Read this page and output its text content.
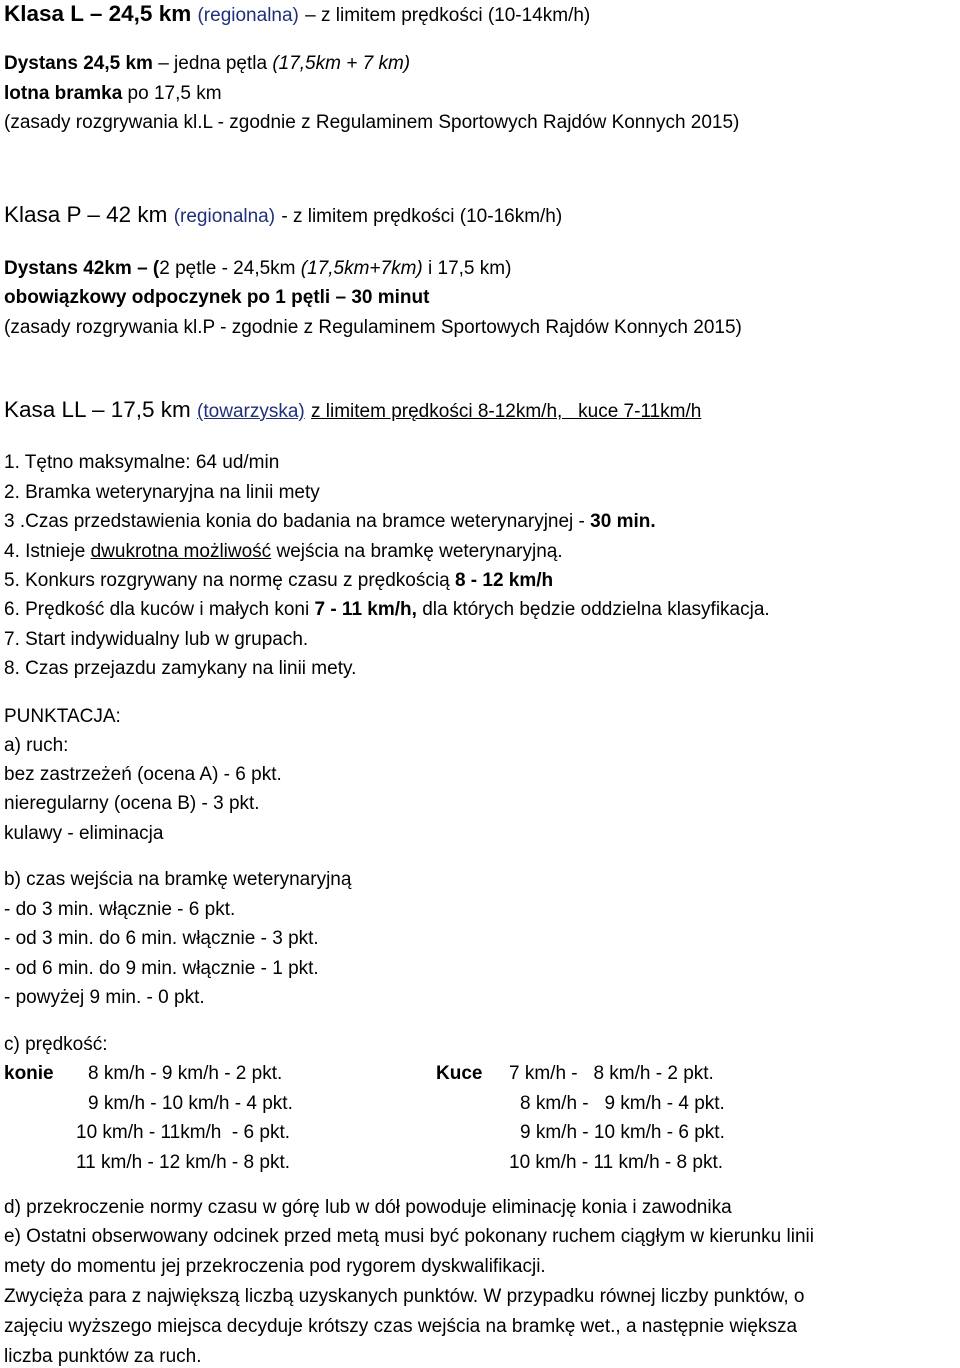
Klasa L – 24,5 km (regionalna) – z limitem prędkości (10-14km/h)
Dystans 24,5 km – jedna pętla (17,5km + 7 km)
lotna bramka po 17,5 km
(zasady rozgrywania kl.L - zgodnie z Regulaminem Sportowych Rajdów Konnych 2015)
Klasa P – 42 km (regionalna) - z limitem prędkości (10-16km/h)
Dystans 42km – (2 pętle - 24,5km (17,5km+7km) i 17,5 km)
obowiązkowy odpoczynek po 1 pętli – 30 minut
(zasady rozgrywania kl.P - zgodnie z Regulaminem Sportowych Rajdów Konnych 2015)
Kasa LL – 17,5 km (towarzyska) z limitem prędkości 8-12km/h,   kuce 7-11km/h
1. Tętno maksymalne: 64 ud/min
2. Bramka weterynaryjna na linii mety
3 .Czas przedstawienia konia do badania na bramce weterynaryjnej - 30 min.
4. Istnieje dwukrotna możliwość wejścia na bramkę weterynaryjną.
5. Konkurs rozgrywany na normę czasu z prędkością 8 - 12 km/h
6. Prędkość dla kuców i małych koni 7 - 11 km/h, dla których będzie oddzielna klasyfikacja.
7. Start indywidualny lub w grupach.
8. Czas przejazdu zamykany na linii mety.
PUNKTACJA:
a) ruch:
bez zastrzeżeń (ocena A) - 6 pkt.
nieregularny (ocena B) - 3 pkt.
kulawy - eliminacja
b) czas wejścia na bramkę weterynaryjną
- do 3 min. włącznie - 6 pkt.
- od 3 min. do 6 min. włącznie - 3 pkt.
- od 6 min. do 9 min. włącznie - 1 pkt.
- powyżej 9 min. - 0 pkt.
c) prędkość:
konie 8 km/h - 9 km/h - 2 pkt.
9 km/h - 10 km/h - 4 pkt.
10 km/h - 11km/h  - 6 pkt.
11 km/h - 12 km/h - 8 pkt.
Kuce 7 km/h -   8 km/h - 2 pkt.
8 km/h -   9 km/h - 4 pkt.
9 km/h - 10 km/h - 6 pkt.
10 km/h - 11 km/h - 8 pkt.
d) przekroczenie normy czasu w górę lub w dół powoduje eliminację konia i zawodnika
e) Ostatni obserwowany odcinek przed metą musi być pokonany ruchem ciągłym w kierunku linii
mety do momentu jej przekroczenia pod rygorem dyskwalifikacji.
Zwycięża para z największą liczbą uzyskanych punktów. W przypadku równej liczby punktów, o
zajęciu wyższego miejsca decyduje krótszy czas wejścia na bramkę wet., a następnie większa
liczba punktów za ruch.
